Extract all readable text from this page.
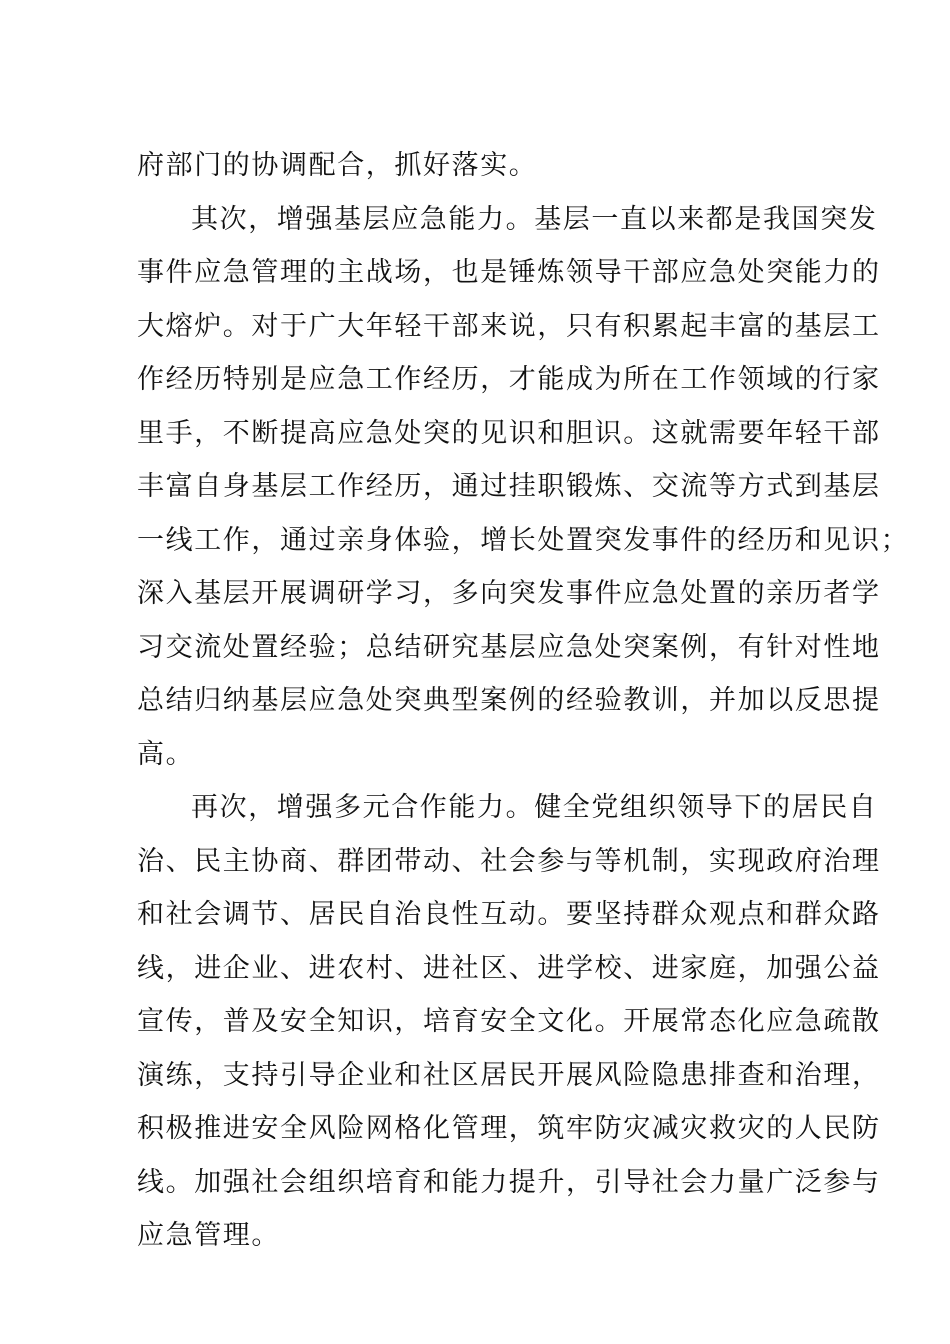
府部门的协调配合，抓好落实。
其次，增强基层应急能力。基层一直以来都是我国突发
事件应急管理的主战场，也是锤炼领导干部应急处突能力的
大熔炉。对于广大年轻干部来说，只有积累起丰富的基层工
作经历特别是应急工作经历，才能成为所在工作领域的行家
里手，不断提高应急处突的见识和胆识。这就需要年轻干部
丰富自身基层工作经历，通过挂职锻炼、交流等方式到基层
一线工作，通过亲身体验，增长处置突发事件的经历和见识；
深入基层开展调研学习，多向突发事件应急处置的亲历者学
习交流处置经验；总结研究基层应急处突案例，有针对性地
总结归纳基层应急处突典型案例的经验教训，并加以反思提
高。
再次，增强多元合作能力。健全党组织领导下的居民自
治、民主协商、群团带动、社会参与等机制，实现政府治理
和社会调节、居民自治良性互动。要坚持群众观点和群众路
线，进企业、进农村、进社区、进学校、进家庭，加强公益
宣传，普及安全知识，培育安全文化。开展常态化应急疏散
演练，支持引导企业和社区居民开展风险隐患排查和治理，
积极推进安全风险网格化管理，筑牢防灾减灾救灾的人民防
线。加强社会组织培育和能力提升，引导社会力量广泛参与
应急管理。
